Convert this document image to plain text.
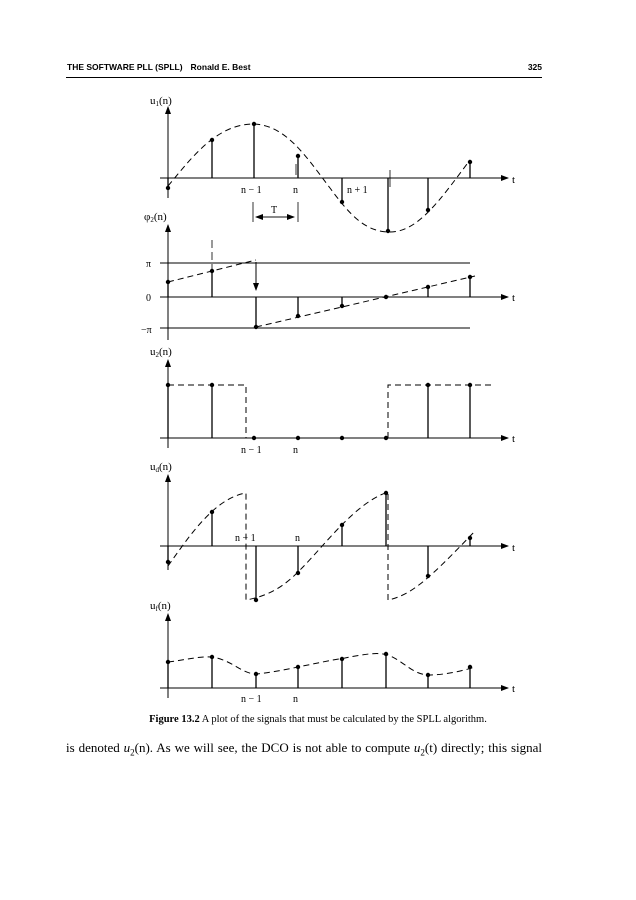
THE SOFTWARE PLL (SPLL) Ronald E. Best	325
u1(n)
t
n − 1	n	n + 1
T
φ2(n)
t
π
0
−π
u2(n)
t
n − 1	n
ud(n)
t
n − 1	n
uf(n)
t
n − 1	n
Figure 13.2 A plot of the signals that must be calculated by the SPLL algorithm.
is denoted $u_2(n)$. As we will see, the DCO is not able to compute $u_2(t)$ directly; this signal
